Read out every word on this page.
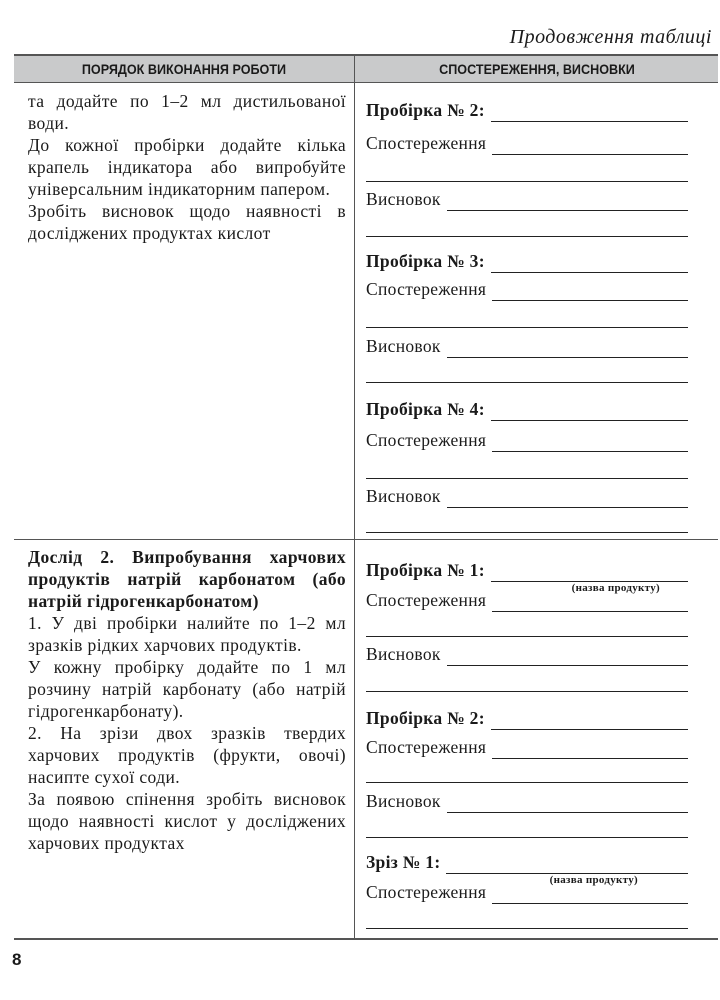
Продовження таблиці
ПОРЯДОК ВИКОНАННЯ РОБОТИ	СПОСТЕРЕЖЕННЯ, ВИСНОВКИ

та додайте по 1–2 мл дистильованої води.

До кожної пробірки додайте кілька крапель індикатора або випробуйте універсальним індикаторним папером.

Зробіть висновок щодо наявності в досліджених продуктах кислот

Пробірка № 2:
Спостереження
Висновок
Пробірка № 3:
Спостереження
Висновок
Пробірка № 4:
Спостереження
Висновок

Дослід 2. Випробування харчових продуктів натрій карбонатом (або натрій гідрогенкарбонатом)

1. У дві пробірки налийте по 1–2 мл зразків рідких харчових продуктів.

У кожну пробірку додайте по 1 мл розчину натрій карбонату (або натрій гідрогенкарбонату).

2. На зрізи двох зразків твердих харчових продуктів (фрукти, овочі) насипте сухої соди.

За появою спінення зробіть висновок щодо наявності кислот у досліджених харчових продуктах

Пробірка № 1:
(назва продукту)
Спостереження
Висновок
Пробірка № 2:
Спостереження
Висновок
Зріз № 1:
(назва продукту)
Спостереження
8
